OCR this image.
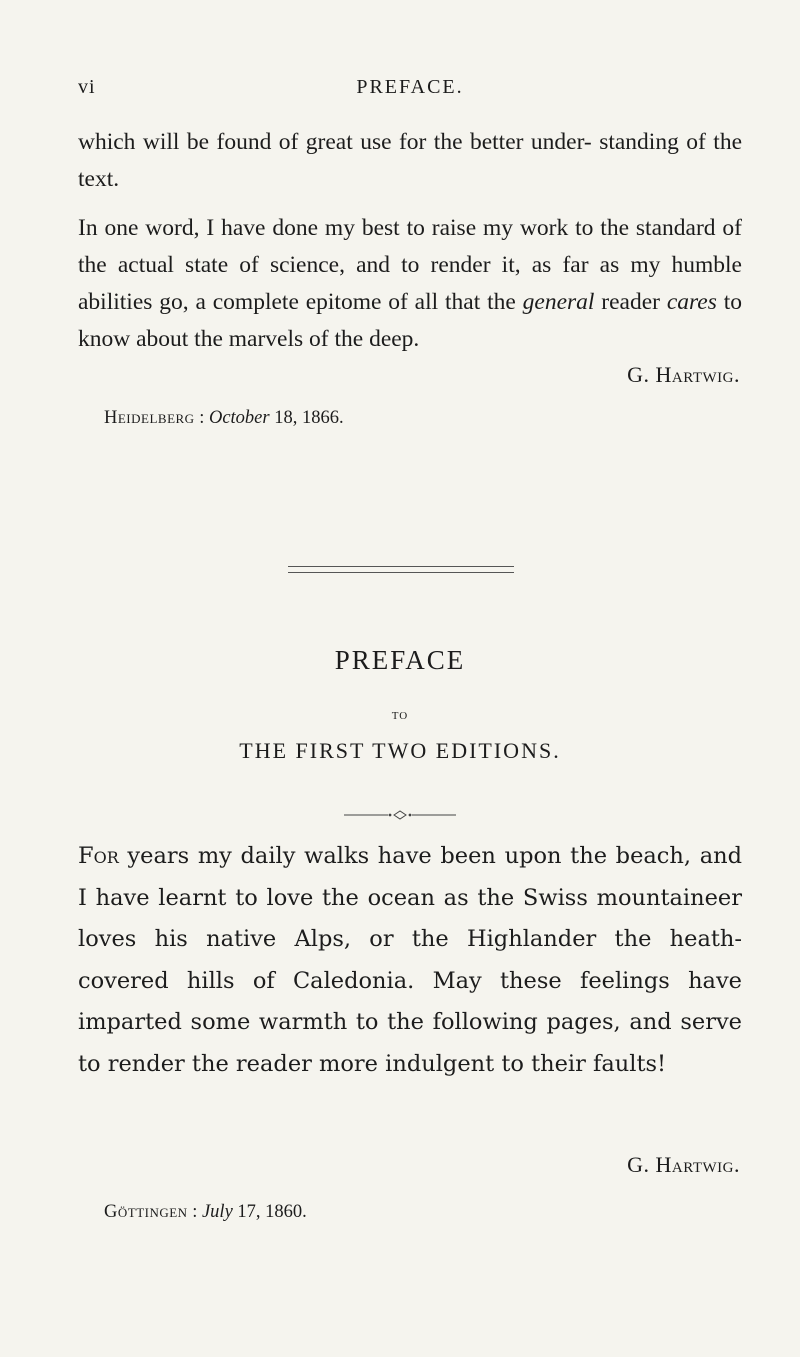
vi	PREFACE.

which will be found of great use for the better under- standing of the text.

In one word, I have done my best to raise my work to the standard of the actual state of science, and to render it, as far as my humble abilities go, a complete epitome of all that the general reader cares to know about the marvels of the deep.

G. Hartwig.
Heidelberg : October 18, 1866.
PREFACE
TO
THE FIRST TWO EDITIONS.

For years my daily walks have been upon the beach, and I have learnt to love the ocean as the Swiss mountaineer loves his native Alps, or the Highlander the heath-covered hills of Caledonia. May these feelings have imparted some warmth to the following pages, and serve to render the reader more indulgent to their faults!

G. Hartwig.
Göttingen : July 17, 1860.
